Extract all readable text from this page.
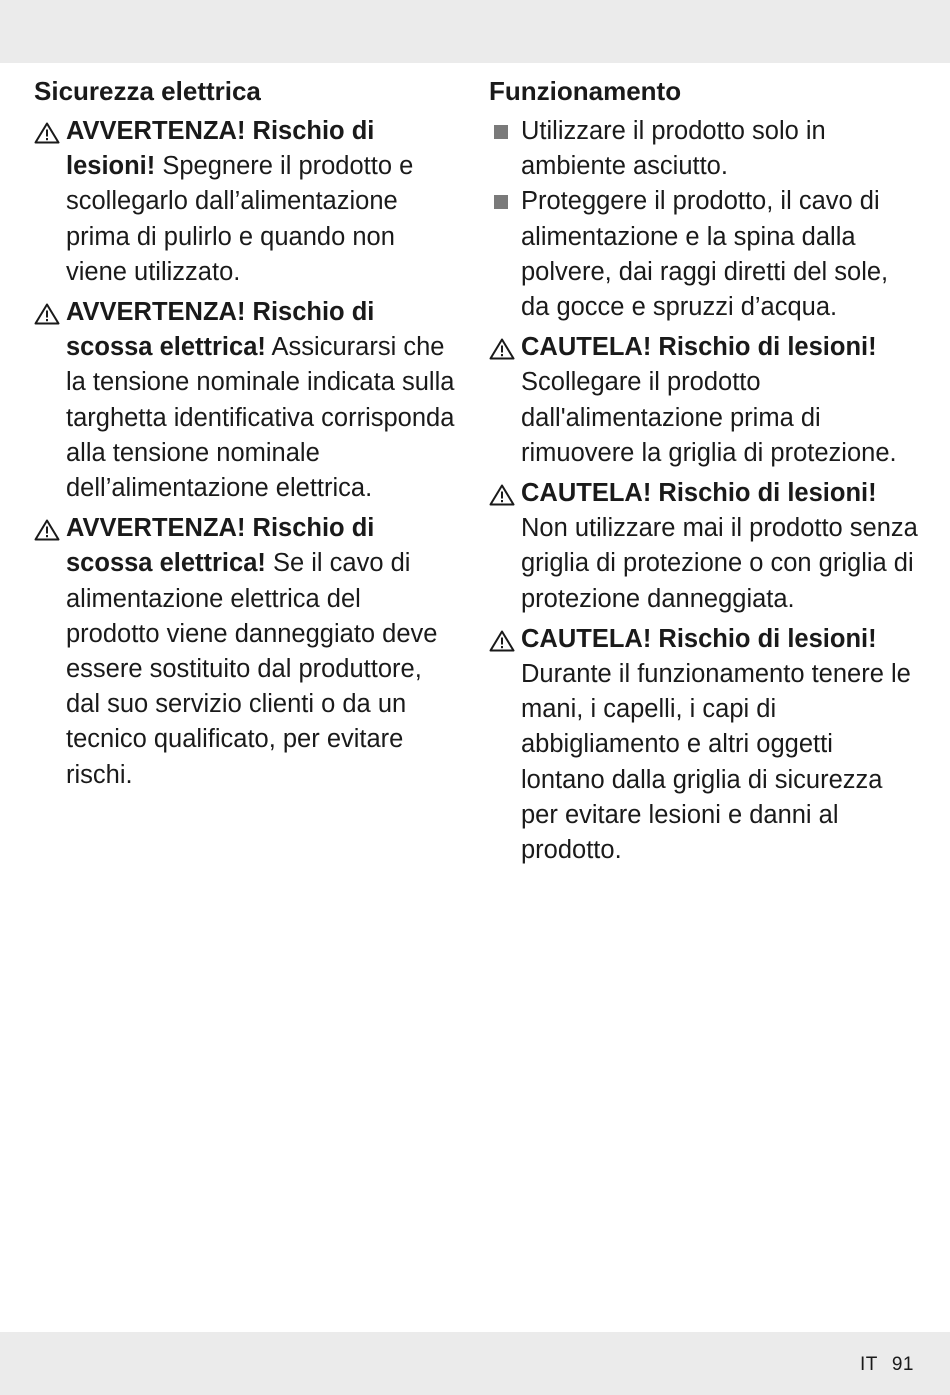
Sicurezza elettrica
AVVERTENZA! Rischio di lesioni! Spegnere il prodotto e scollegarlo dall’alimentazione prima di pulirlo e quando non viene utilizzato.
AVVERTENZA! Rischio di scossa elettrica! Assicurarsi che la tensione nominale indicata sulla targhetta identificativa corrisponda alla tensione nominale dell’alimentazione elettrica.
AVVERTENZA! Rischio di scossa elettrica! Se il cavo di alimentazione elettrica del prodotto viene danneggiato deve essere sostituito dal produttore, dal suo servizio clienti o da un tecnico qualificato, per evitare rischi.
Funzionamento
Utilizzare il prodotto solo in ambiente asciutto.
Proteggere il prodotto, il cavo di alimentazione e la spina dalla polvere, dai raggi diretti del sole, da gocce e spruzzi d’acqua.
CAUTELA! Rischio di lesioni! Scollegare il prodotto dall'alimentazione prima di rimuovere la griglia di protezione.
CAUTELA! Rischio di lesioni! Non utilizzare mai il prodotto senza griglia di protezione o con griglia di protezione danneggiata.
CAUTELA! Rischio di lesioni! Durante il funzionamento tenere le mani, i capelli, i capi di abbigliamento e altri oggetti lontano dalla griglia di sicurezza per evitare lesioni e danni al prodotto.
IT 91
